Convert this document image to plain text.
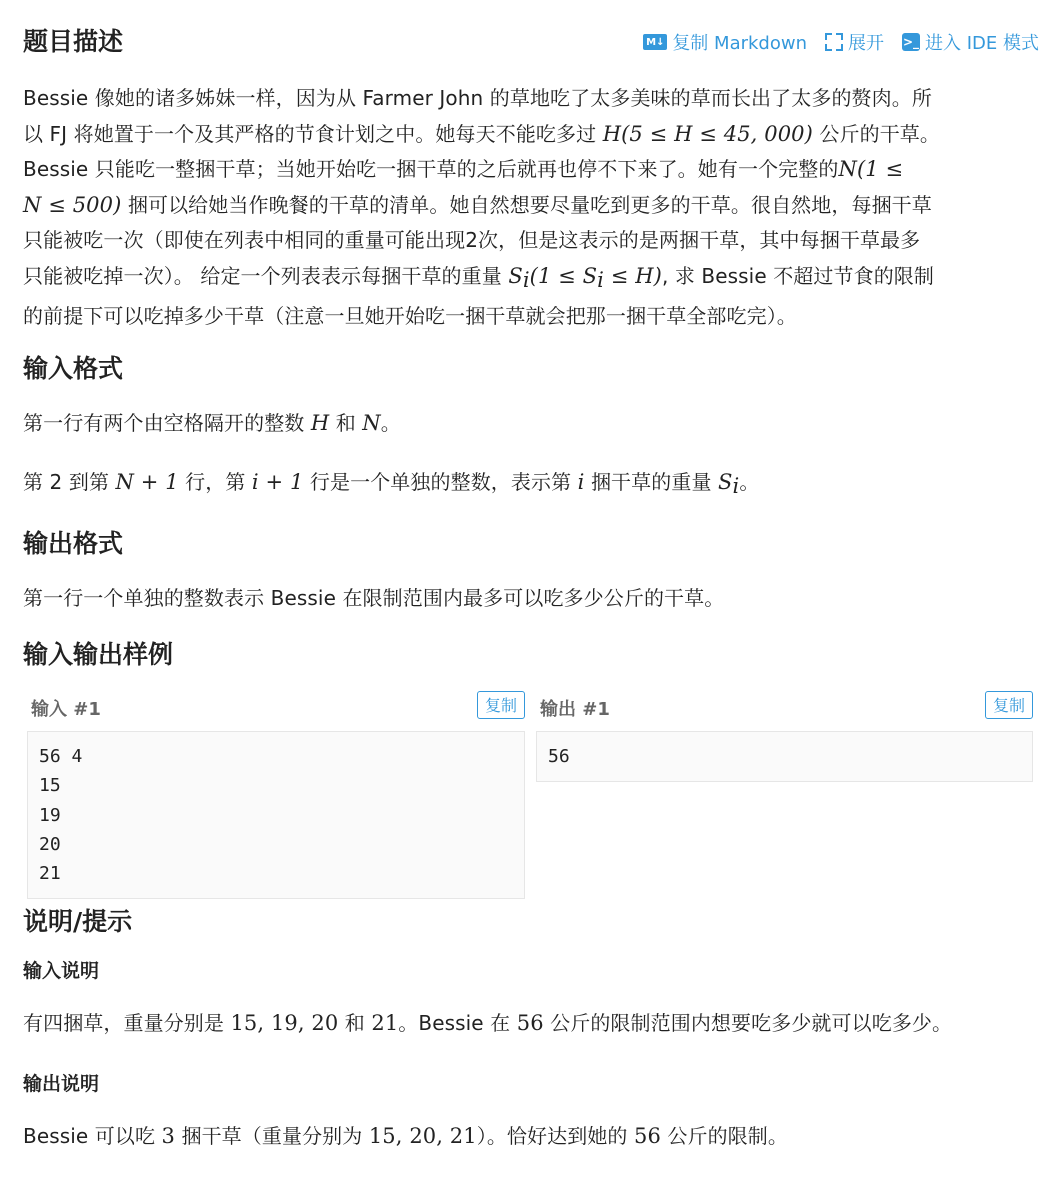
题目描述	M↓ 复制 Markdown 展开 >_ 进入 IDE 模式

Bessie 像她的诸多姊妹一样，因为从 Farmer John 的草地吃了太多美味的草而长出了太多的赘肉。所
以 FJ 将她置于一个及其严格的节食计划之中。她每天不能吃多过 H(5 ≤ H ≤ 45, 000) 公斤的干草。
Bessie 只能吃一整捆干草；当她开始吃一捆干草的之后就再也停不下来了。她有一个完整的N(1 ≤
N ≤ 500) 捆可以给她当作晚餐的干草的清单。她自然想要尽量吃到更多的干草。很自然地，每捆干草
只能被吃一次（即使在列表中相同的重量可能出现2次，但是这表示的是两捆干草，其中每捆干草最多
只能被吃掉一次）。 给定一个列表表示每捆干草的重量 Si(1 ≤ Si ≤ H), 求 Bessie 不超过节食的限制
的前提下可以吃掉多少干草（注意一旦她开始吃一捆干草就会把那一捆干草全部吃完）。

输入格式

第一行有两个由空格隔开的整数 H 和 N。

第 2 到第 N + 1 行，第 i + 1 行是一个单独的整数，表示第 i 捆干草的重量 Si。

输出格式

第一行一个单独的整数表示 Bessie 在限制范围内最多可以吃多少公斤的干草。

输入输出样例
输入 #1	复制
56 4
15
19
20
21
输出 #1	复制
56
说明/提示
输入说明

有四捆草，重量分别是 15, 19, 20 和 21。Bessie 在 56 公斤的限制范围内想要吃多少就可以吃多少。

输出说明

Bessie 可以吃 3 捆干草（重量分别为 15, 20, 21）。恰好达到她的 56 公斤的限制。
